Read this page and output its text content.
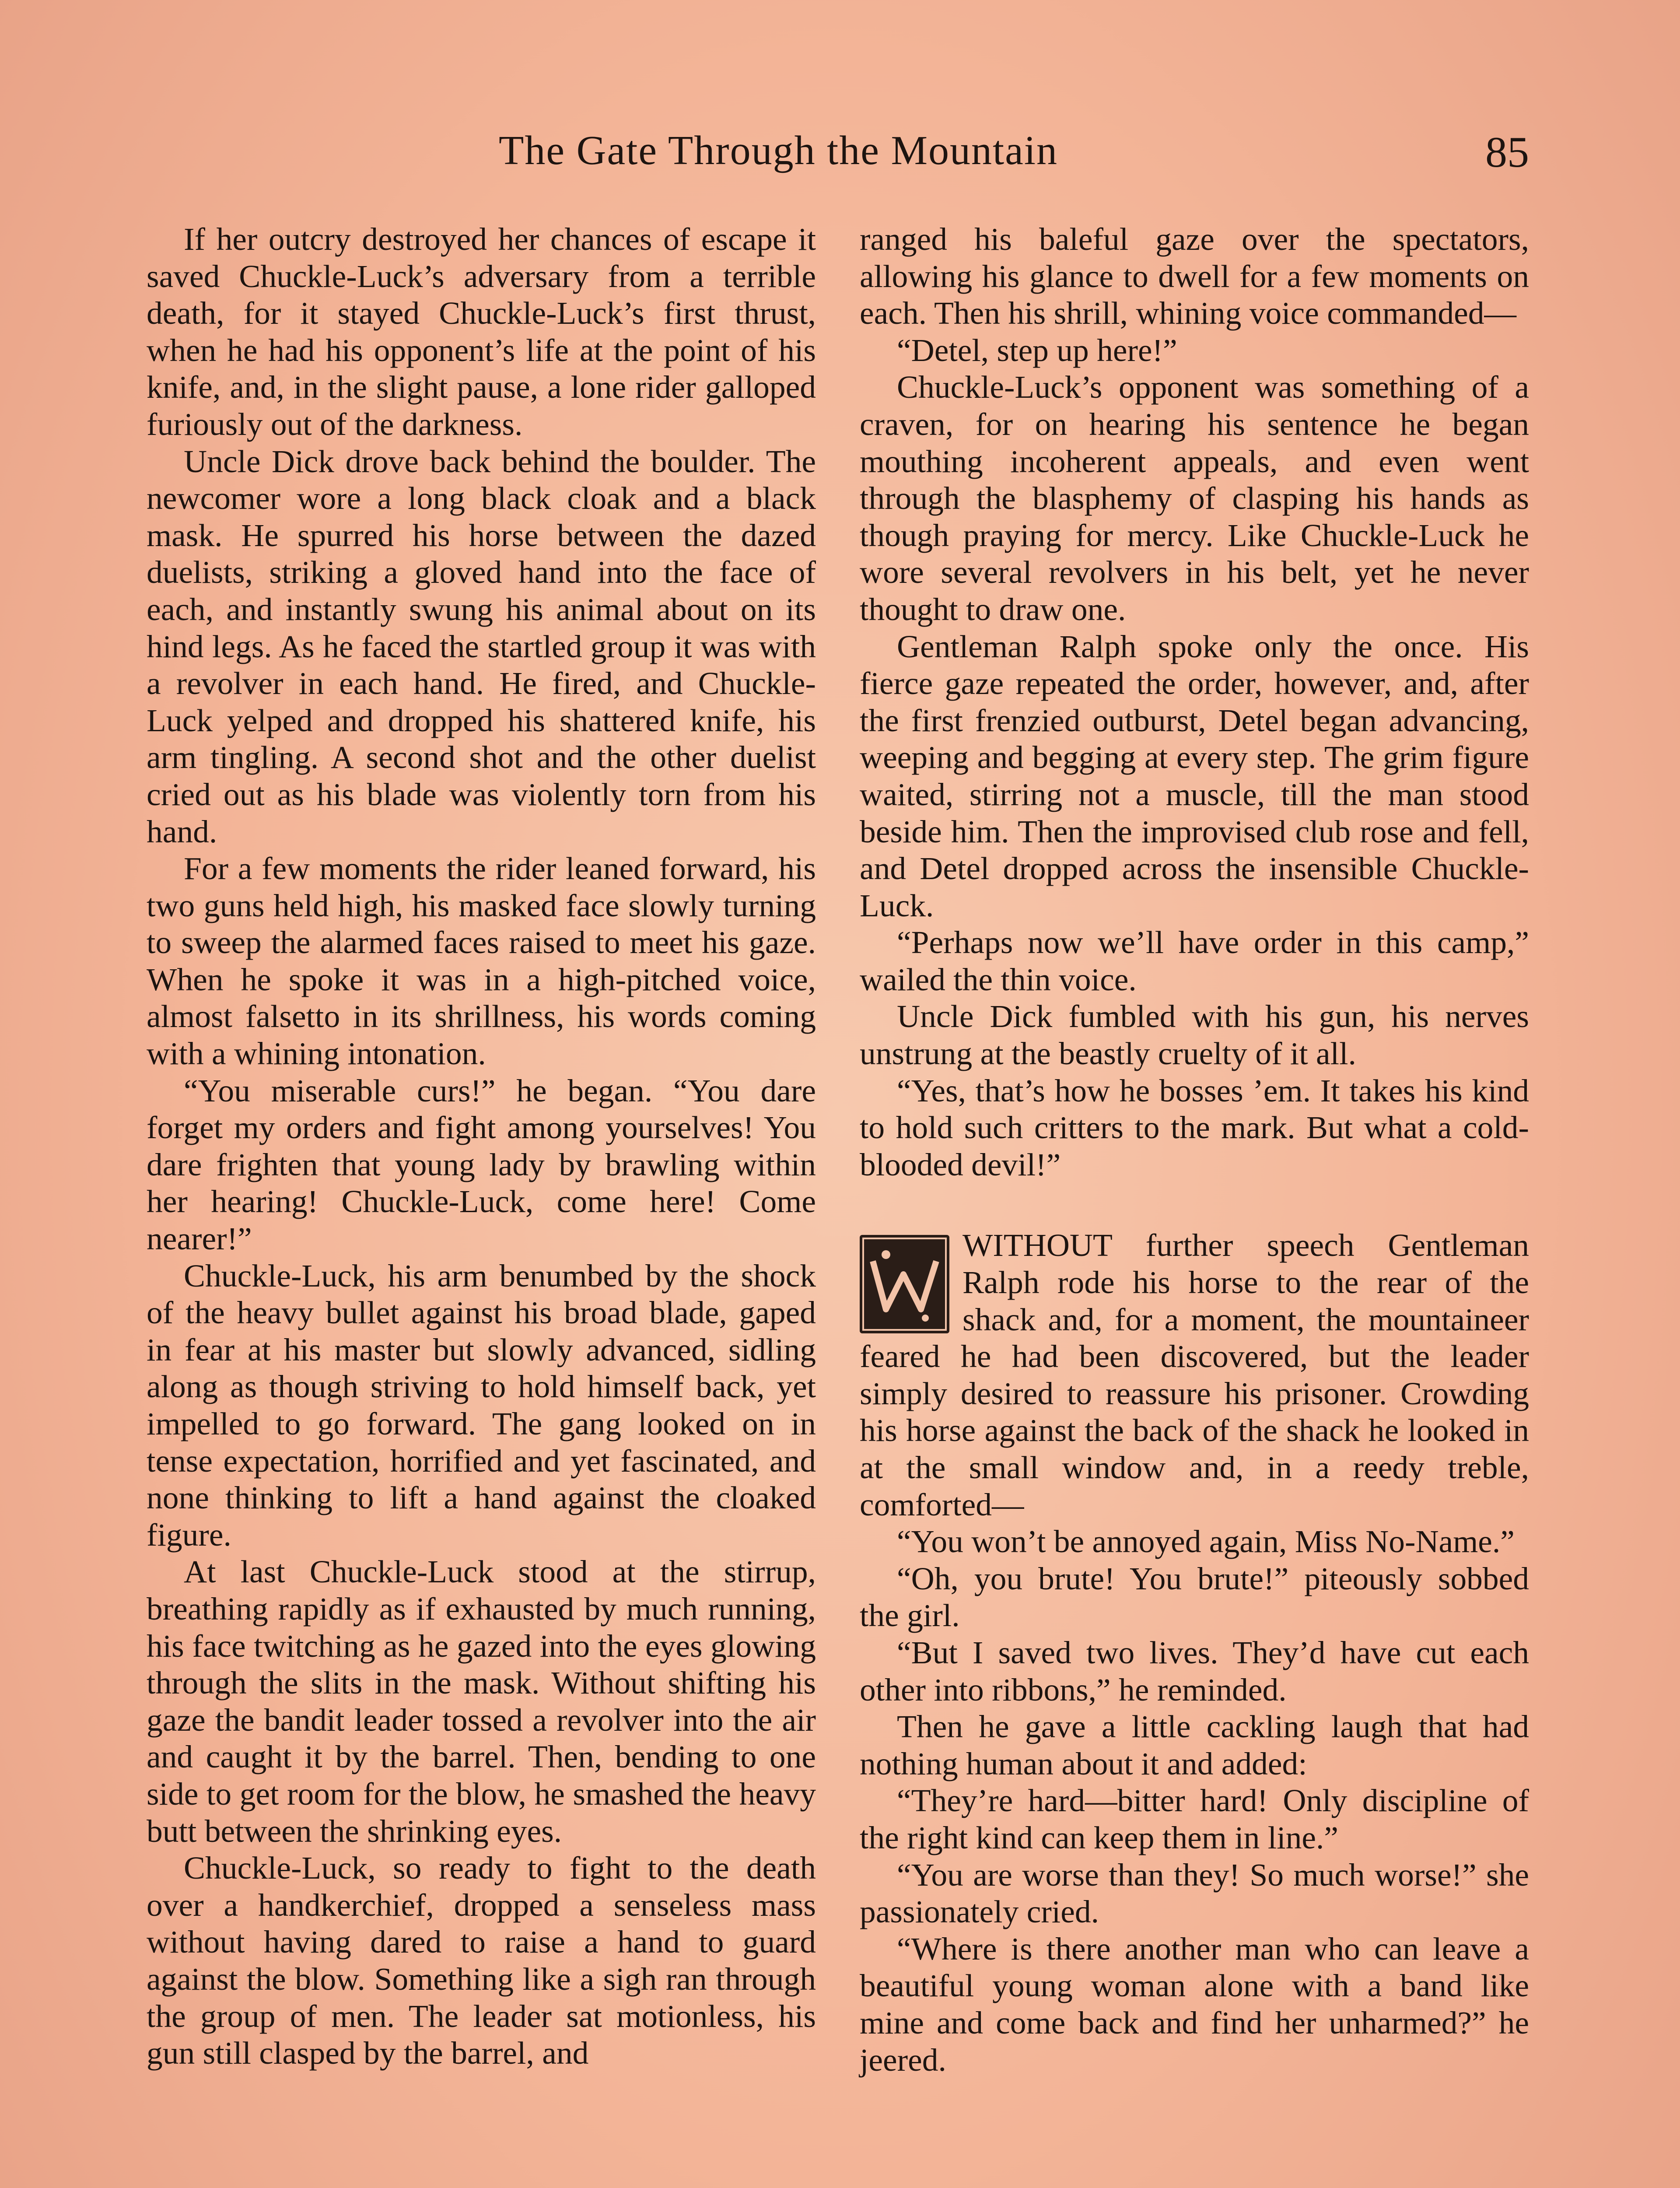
The Gate Through the Mountain	85

If her outcry destroyed her chances of escape it saved Chuckle-Luck’s adversary from a terrible death, for it stayed Chuckle-Luck’s first thrust, when he had his opponent’s life at the point of his knife, and, in the slight pause, a lone rider galloped furiously out of the darkness.

Uncle Dick drove back behind the boulder. The newcomer wore a long black cloak and a black mask. He spurred his horse between the dazed duelists, striking a gloved hand into the face of each, and instantly swung his animal about on its hind legs. As he faced the startled group it was with a revolver in each hand. He fired, and Chuckle-Luck yelped and dropped his shattered knife, his arm tingling. A second shot and the other duelist cried out as his blade was violently torn from his hand.

For a few moments the rider leaned forward, his two guns held high, his masked face slowly turning to sweep the alarmed faces raised to meet his gaze. When he spoke it was in a high-pitched voice, almost falsetto in its shrillness, his words coming with a whining intonation.

“You miserable curs!” he began. “You dare forget my orders and fight among yourselves! You dare frighten that young lady by brawling within her hearing! Chuckle-Luck, come here! Come nearer!”

Chuckle-Luck, his arm benumbed by the shock of the heavy bullet against his broad blade, gaped in fear at his master but slowly advanced, sidling along as though striving to hold himself back, yet impelled to go forward. The gang looked on in tense expectation, horrified and yet fascinated, and none thinking to lift a hand against the cloaked figure.

At last Chuckle-Luck stood at the stirrup, breathing rapidly as if exhausted by much running, his face twitching as he gazed into the eyes glowing through the slits in the mask. Without shifting his gaze the bandit leader tossed a revolver into the air and caught it by the barrel. Then, bending to one side to get room for the blow, he smashed the heavy butt between the shrinking eyes.

Chuckle-Luck, so ready to fight to the death over a handkerchief, dropped a senseless mass without having dared to raise a hand to guard against the blow. Something like a sigh ran through the group of men. The leader sat motionless, his gun still clasped by the barrel, and

ranged his baleful gaze over the spectators, allowing his glance to dwell for a few moments on each. Then his shrill, whining voice commanded—

“Detel, step up here!”

Chuckle-Luck’s opponent was something of a craven, for on hearing his sentence he began mouthing incoherent appeals, and even went through the blasphemy of clasping his hands as though praying for mercy. Like Chuckle-Luck he wore several revolvers in his belt, yet he never thought to draw one.

Gentleman Ralph spoke only the once. His fierce gaze repeated the order, however, and, after the first frenzied outburst, Detel began advancing, weeping and begging at every step. The grim figure waited, stirring not a muscle, till the man stood beside him. Then the improvised club rose and fell, and Detel dropped across the insensible Chuckle-Luck.

“Perhaps now we’ll have order in this camp,” wailed the thin voice.

Uncle Dick fumbled with his gun, his nerves unstrung at the beastly cruelty of it all.

“Yes, that’s how he bosses ’em. It takes his kind to hold such critters to the mark. But what a cold-blooded devil!”

WITHOUT further speech Gentleman Ralph rode his horse to the rear of the shack and, for a moment, the mountaineer feared he had been discovered, but the leader simply desired to reassure his prisoner. Crowding his horse against the back of the shack he looked in at the small window and, in a reedy treble, comforted—

“You won’t be annoyed again, Miss No-Name.”

“Oh, you brute! You brute!” piteously sobbed the girl.

“But I saved two lives. They’d have cut each other into ribbons,” he reminded.

Then he gave a little cackling laugh that had nothing human about it and added:

“They’re hard—bitter hard! Only discipline of the right kind can keep them in line.”

“You are worse than they! So much worse!” she passionately cried.

“Where is there another man who can leave a beautiful young woman alone with a band like mine and come back and find her unharmed?” he jeered.
